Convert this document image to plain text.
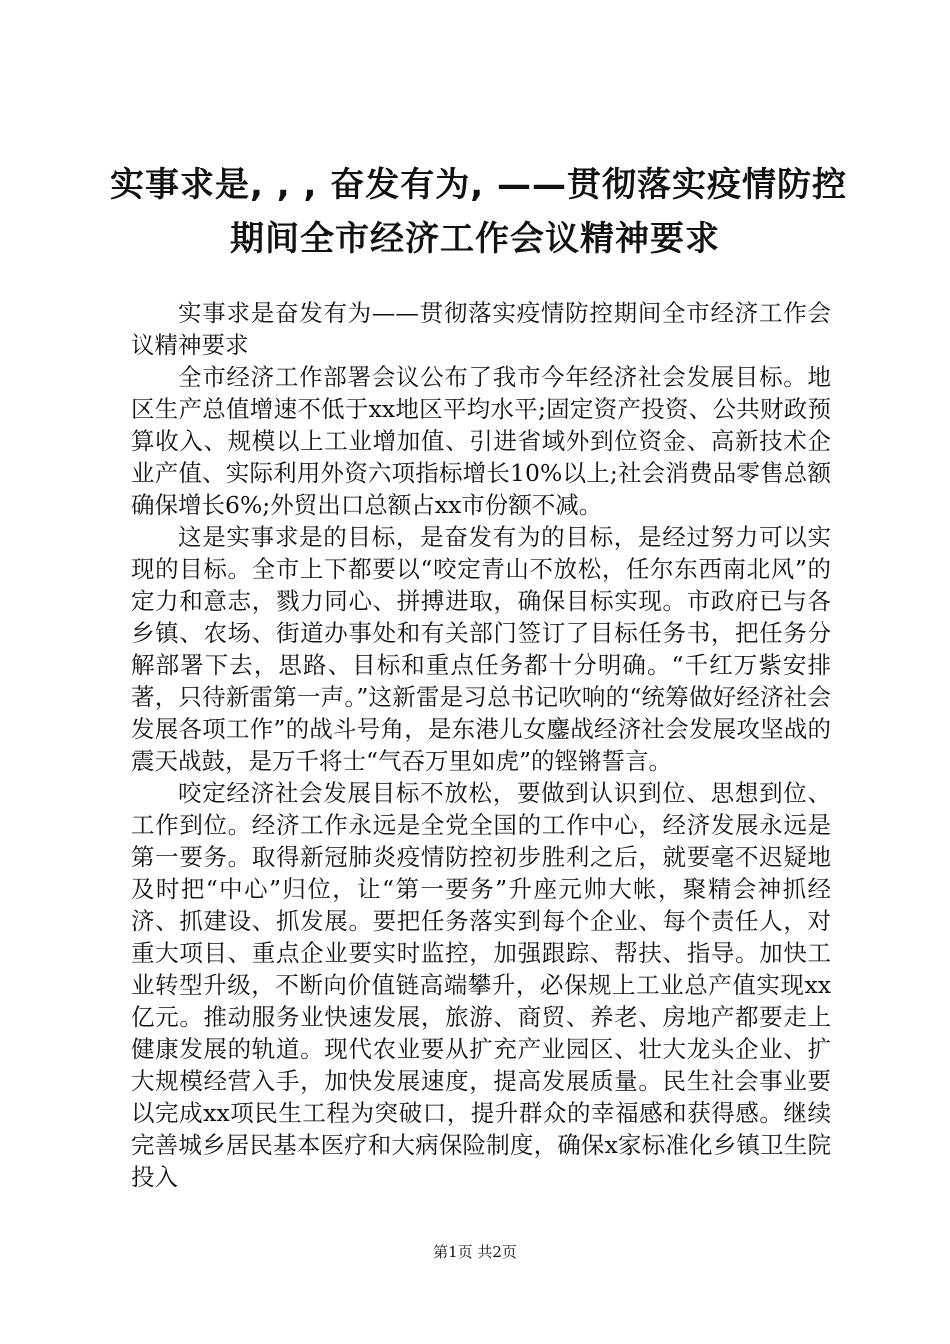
实事求是, , , 奋发有为, ——贯彻落实疫情防控
期间全市经济工作会议精神要求

实事求是奋发有为——贯彻落实疫情防控期间全市经济工作会议精神要求

全市经济工作部署会议公布了我市今年经济社会发展目标。地区生产总值增速不低于xx地区平均水平;固定资产投资、公共财政预算收入、规模以上工业增加值、引进省域外到位资金、高新技术企业产值、实际利用外资六项指标增长10%以上;社会消费品零售总额确保增长6%;外贸出口总额占xx市份额不减。

这是实事求是的目标，是奋发有为的目标，是经过努力可以实现的目标。全市上下都要以“咬定青山不放松，任尔东西南北风”的定力和意志，戮力同心、拼搏进取，确保目标实现。市政府已与各乡镇、农场、街道办事处和有关部门签订了目标任务书，把任务分解部署下去，思路、目标和重点任务都十分明确。“千红万紫安排著，只待新雷第一声。”这新雷是习总书记吹响的“统筹做好经济社会发展各项工作”的战斗号角，是东港儿女鏖战经济社会发展攻坚战的震天战鼓，是万千将士“气吞万里如虎”的铿锵誓言。

咬定经济社会发展目标不放松，要做到认识到位、思想到位、工作到位。经济工作永远是全党全国的工作中心，经济发展永远是第一要务。取得新冠肺炎疫情防控初步胜利之后，就要毫不迟疑地及时把“中心”归位，让“第一要务”升座元帅大帐，聚精会神抓经济、抓建设、抓发展。要把任务落实到每个企业、每个责任人，对重大项目、重点企业要实时监控，加强跟踪、帮扶、指导。加快工业转型升级，不断向价值链高端攀升，必保规上工业总产值实现xx亿元。推动服务业快速发展，旅游、商贸、养老、房地产都要走上健康发展的轨道。现代农业要从扩充产业园区、壮大龙头企业、扩大规模经营入手，加快发展速度，提高发展质量。民生社会事业要以完成xx项民生工程为突破口，提升群众的幸福感和获得感。继续完善城乡居民基本医疗和大病保险制度，确保x家标准化乡镇卫生院投入

第1页 共2页
